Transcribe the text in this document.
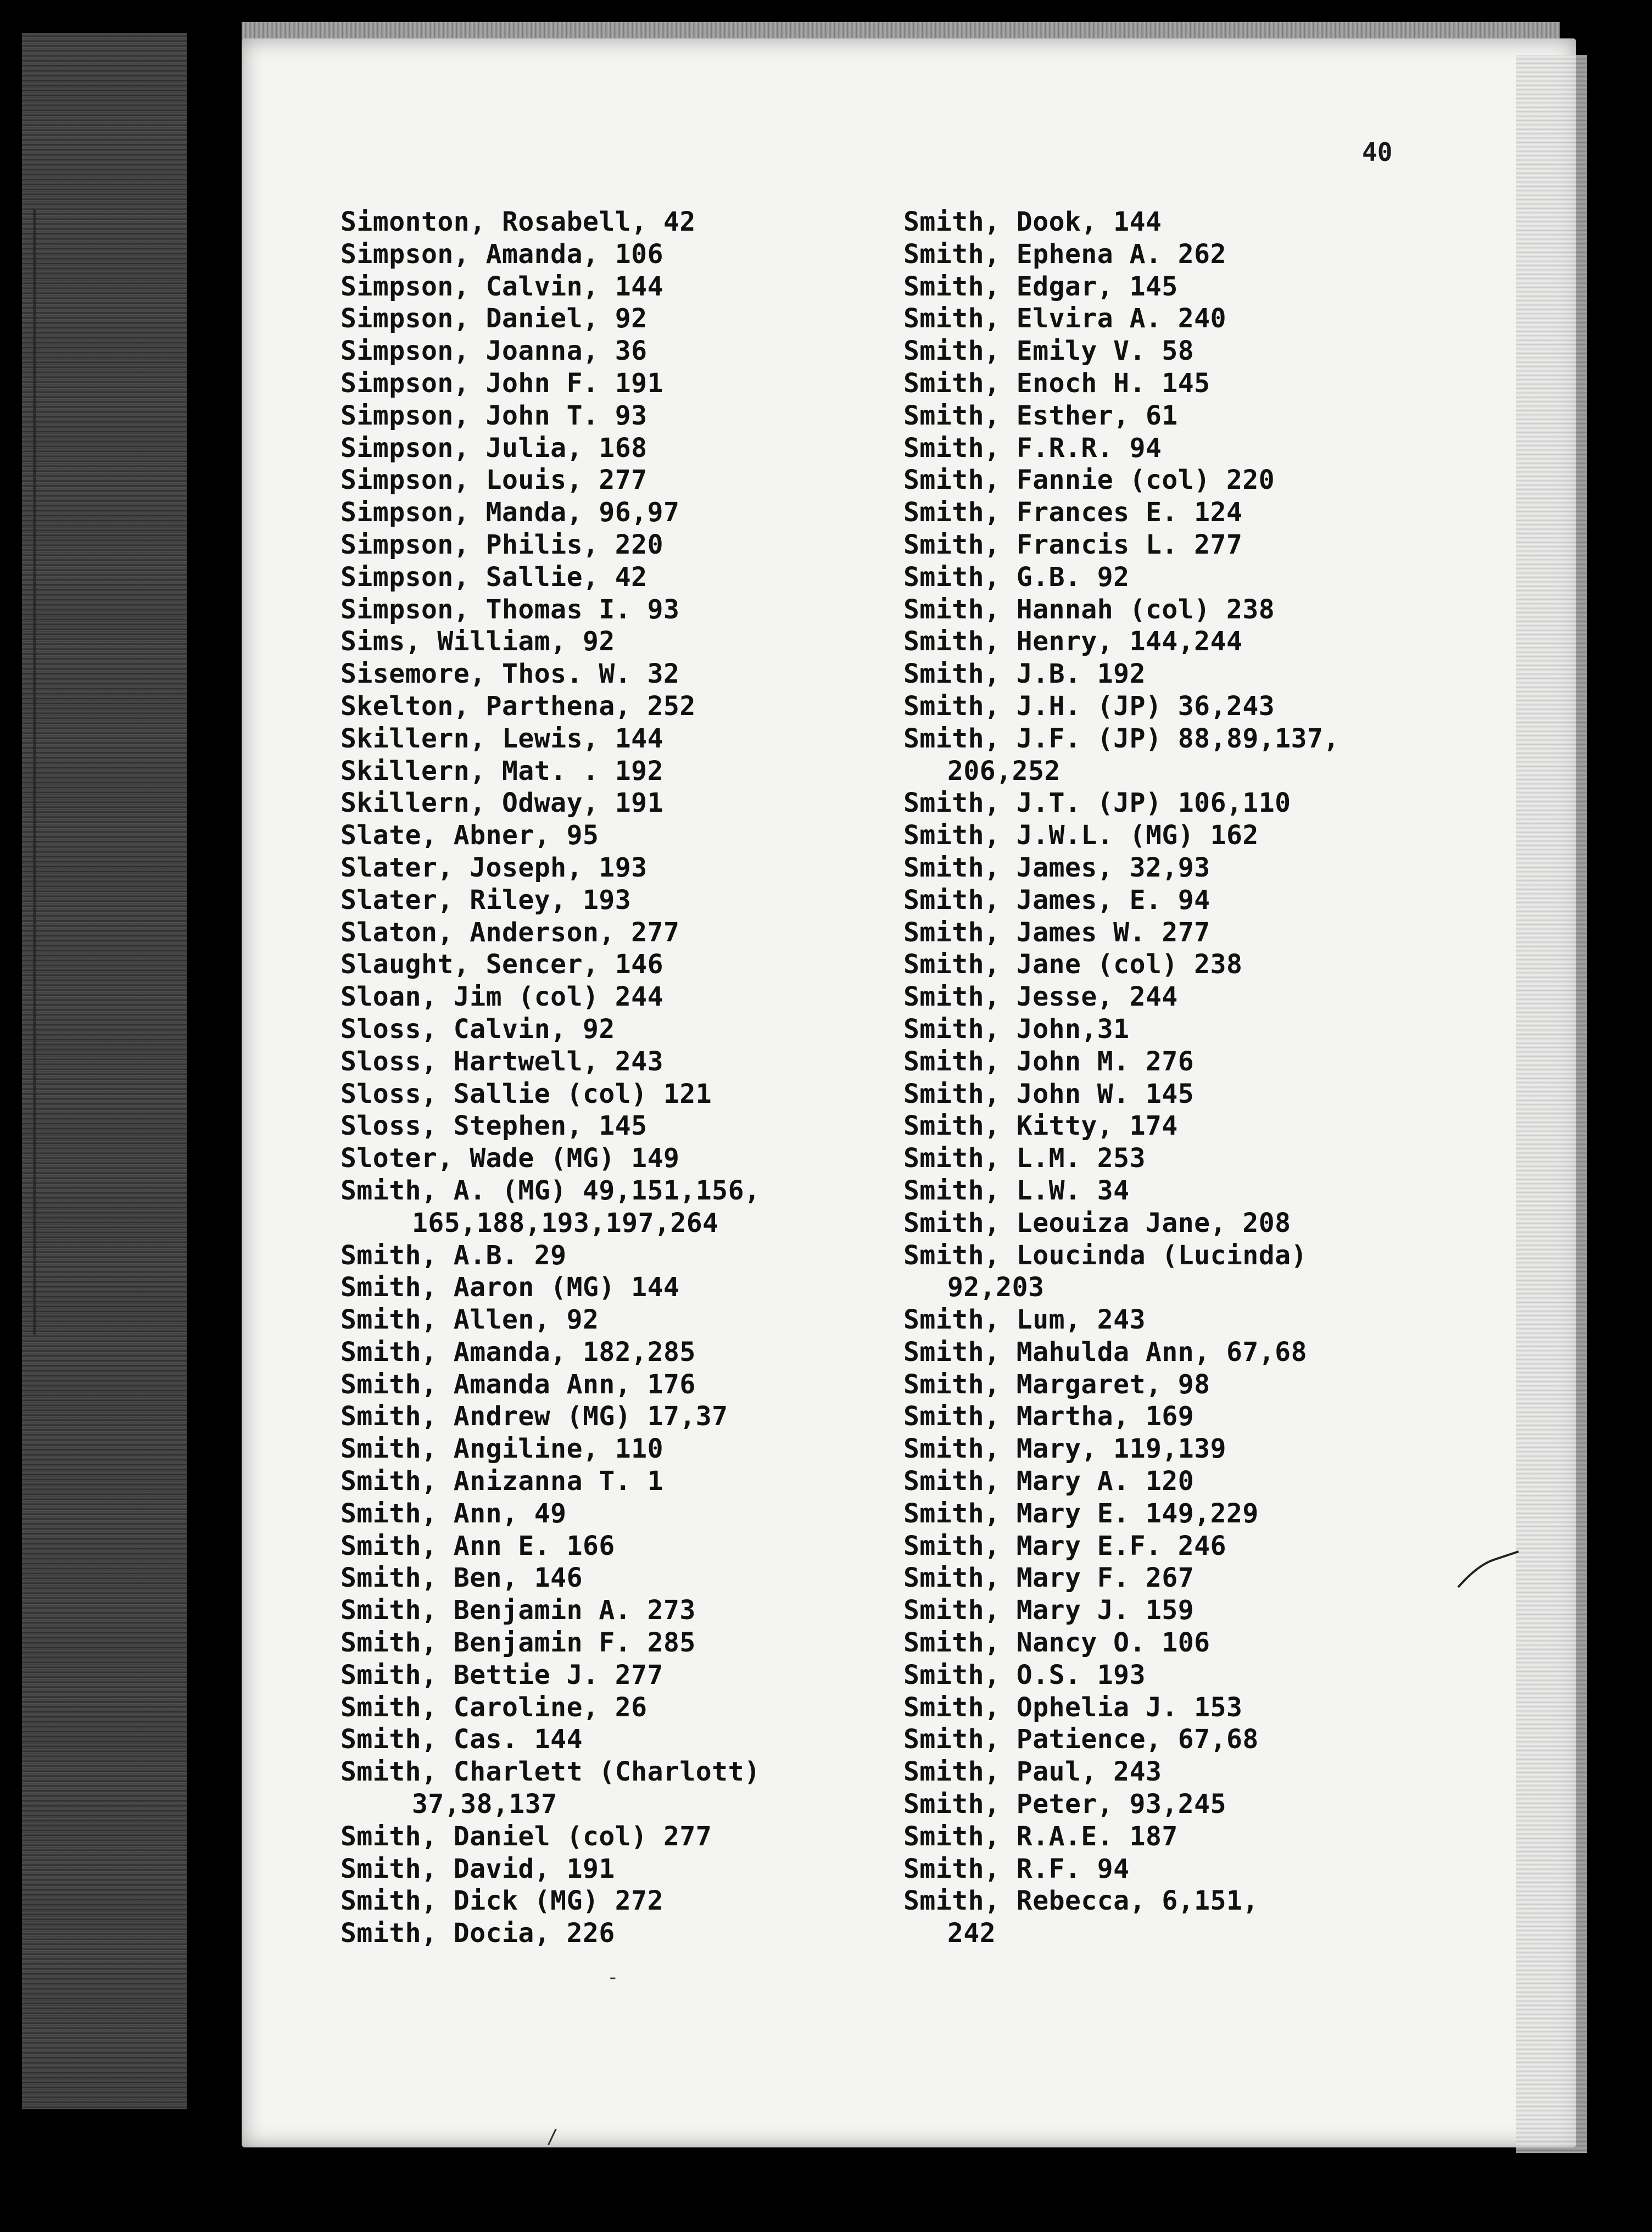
40
Simonton, Rosabell, 42
Simpson, Amanda, 106
Simpson, Calvin, 144
Simpson, Daniel, 92
Simpson, Joanna, 36
Simpson, John F. 191
Simpson, John T. 93
Simpson, Julia, 168
Simpson, Louis, 277
Simpson, Manda, 96,97
Simpson, Philis, 220
Simpson, Sallie, 42
Simpson, Thomas I. 93
Sims, William, 92
Sisemore, Thos. W. 32
Skelton, Parthena, 252
Skillern, Lewis, 144
Skillern, Mat. . 192
Skillern, Odway, 191
Slate, Abner, 95
Slater, Joseph, 193
Slater, Riley, 193
Slaton, Anderson, 277
Slaught, Sencer, 146
Sloan, Jim (col) 244
Sloss, Calvin, 92
Sloss, Hartwell, 243
Sloss, Sallie (col) 121
Sloss, Stephen, 145
Sloter, Wade (MG) 149
Smith, A. (MG) 49,151,156,
165,188,193,197,264
Smith, A.B. 29
Smith, Aaron (MG) 144
Smith, Allen, 92
Smith, Amanda, 182,285
Smith, Amanda Ann, 176
Smith, Andrew (MG) 17,37
Smith, Angiline, 110
Smith, Anizanna T. 1
Smith, Ann, 49
Smith, Ann E. 166
Smith, Ben, 146
Smith, Benjamin A. 273
Smith, Benjamin F. 285
Smith, Bettie J. 277
Smith, Caroline, 26
Smith, Cas. 144
Smith, Charlett (Charlott)
37,38,137
Smith, Daniel (col) 277
Smith, David, 191
Smith, Dick (MG) 272
Smith, Docia, 226
Smith, Dook, 144
Smith, Ephena A. 262
Smith, Edgar, 145
Smith, Elvira A. 240
Smith, Emily V. 58
Smith, Enoch H. 145
Smith, Esther, 61
Smith, F.R.R. 94
Smith, Fannie (col) 220
Smith, Frances E. 124
Smith, Francis L. 277
Smith, G.B. 92
Smith, Hannah (col) 238
Smith, Henry, 144,244
Smith, J.B. 192
Smith, J.H. (JP) 36,243
Smith, J.F. (JP) 88,89,137,
206,252
Smith, J.T. (JP) 106,110
Smith, J.W.L. (MG) 162
Smith, James, 32,93
Smith, James, E. 94
Smith, James W. 277
Smith, Jane (col) 238
Smith, Jesse, 244
Smith, John,31
Smith, John M. 276
Smith, John W. 145
Smith, Kitty, 174
Smith, L.M. 253
Smith, L.W. 34
Smith, Leouiza Jane, 208
Smith, Loucinda (Lucinda)
92,203
Smith, Lum, 243
Smith, Mahulda Ann, 67,68
Smith, Margaret, 98
Smith, Martha, 169
Smith, Mary, 119,139
Smith, Mary A. 120
Smith, Mary E. 149,229
Smith, Mary E.F. 246
Smith, Mary F. 267
Smith, Mary J. 159
Smith, Nancy O. 106
Smith, O.S. 193
Smith, Ophelia J. 153
Smith, Patience, 67,68
Smith, Paul, 243
Smith, Peter, 93,245
Smith, R.A.E. 187
Smith, R.F. 94
Smith, Rebecca, 6,151,
242
-
/
